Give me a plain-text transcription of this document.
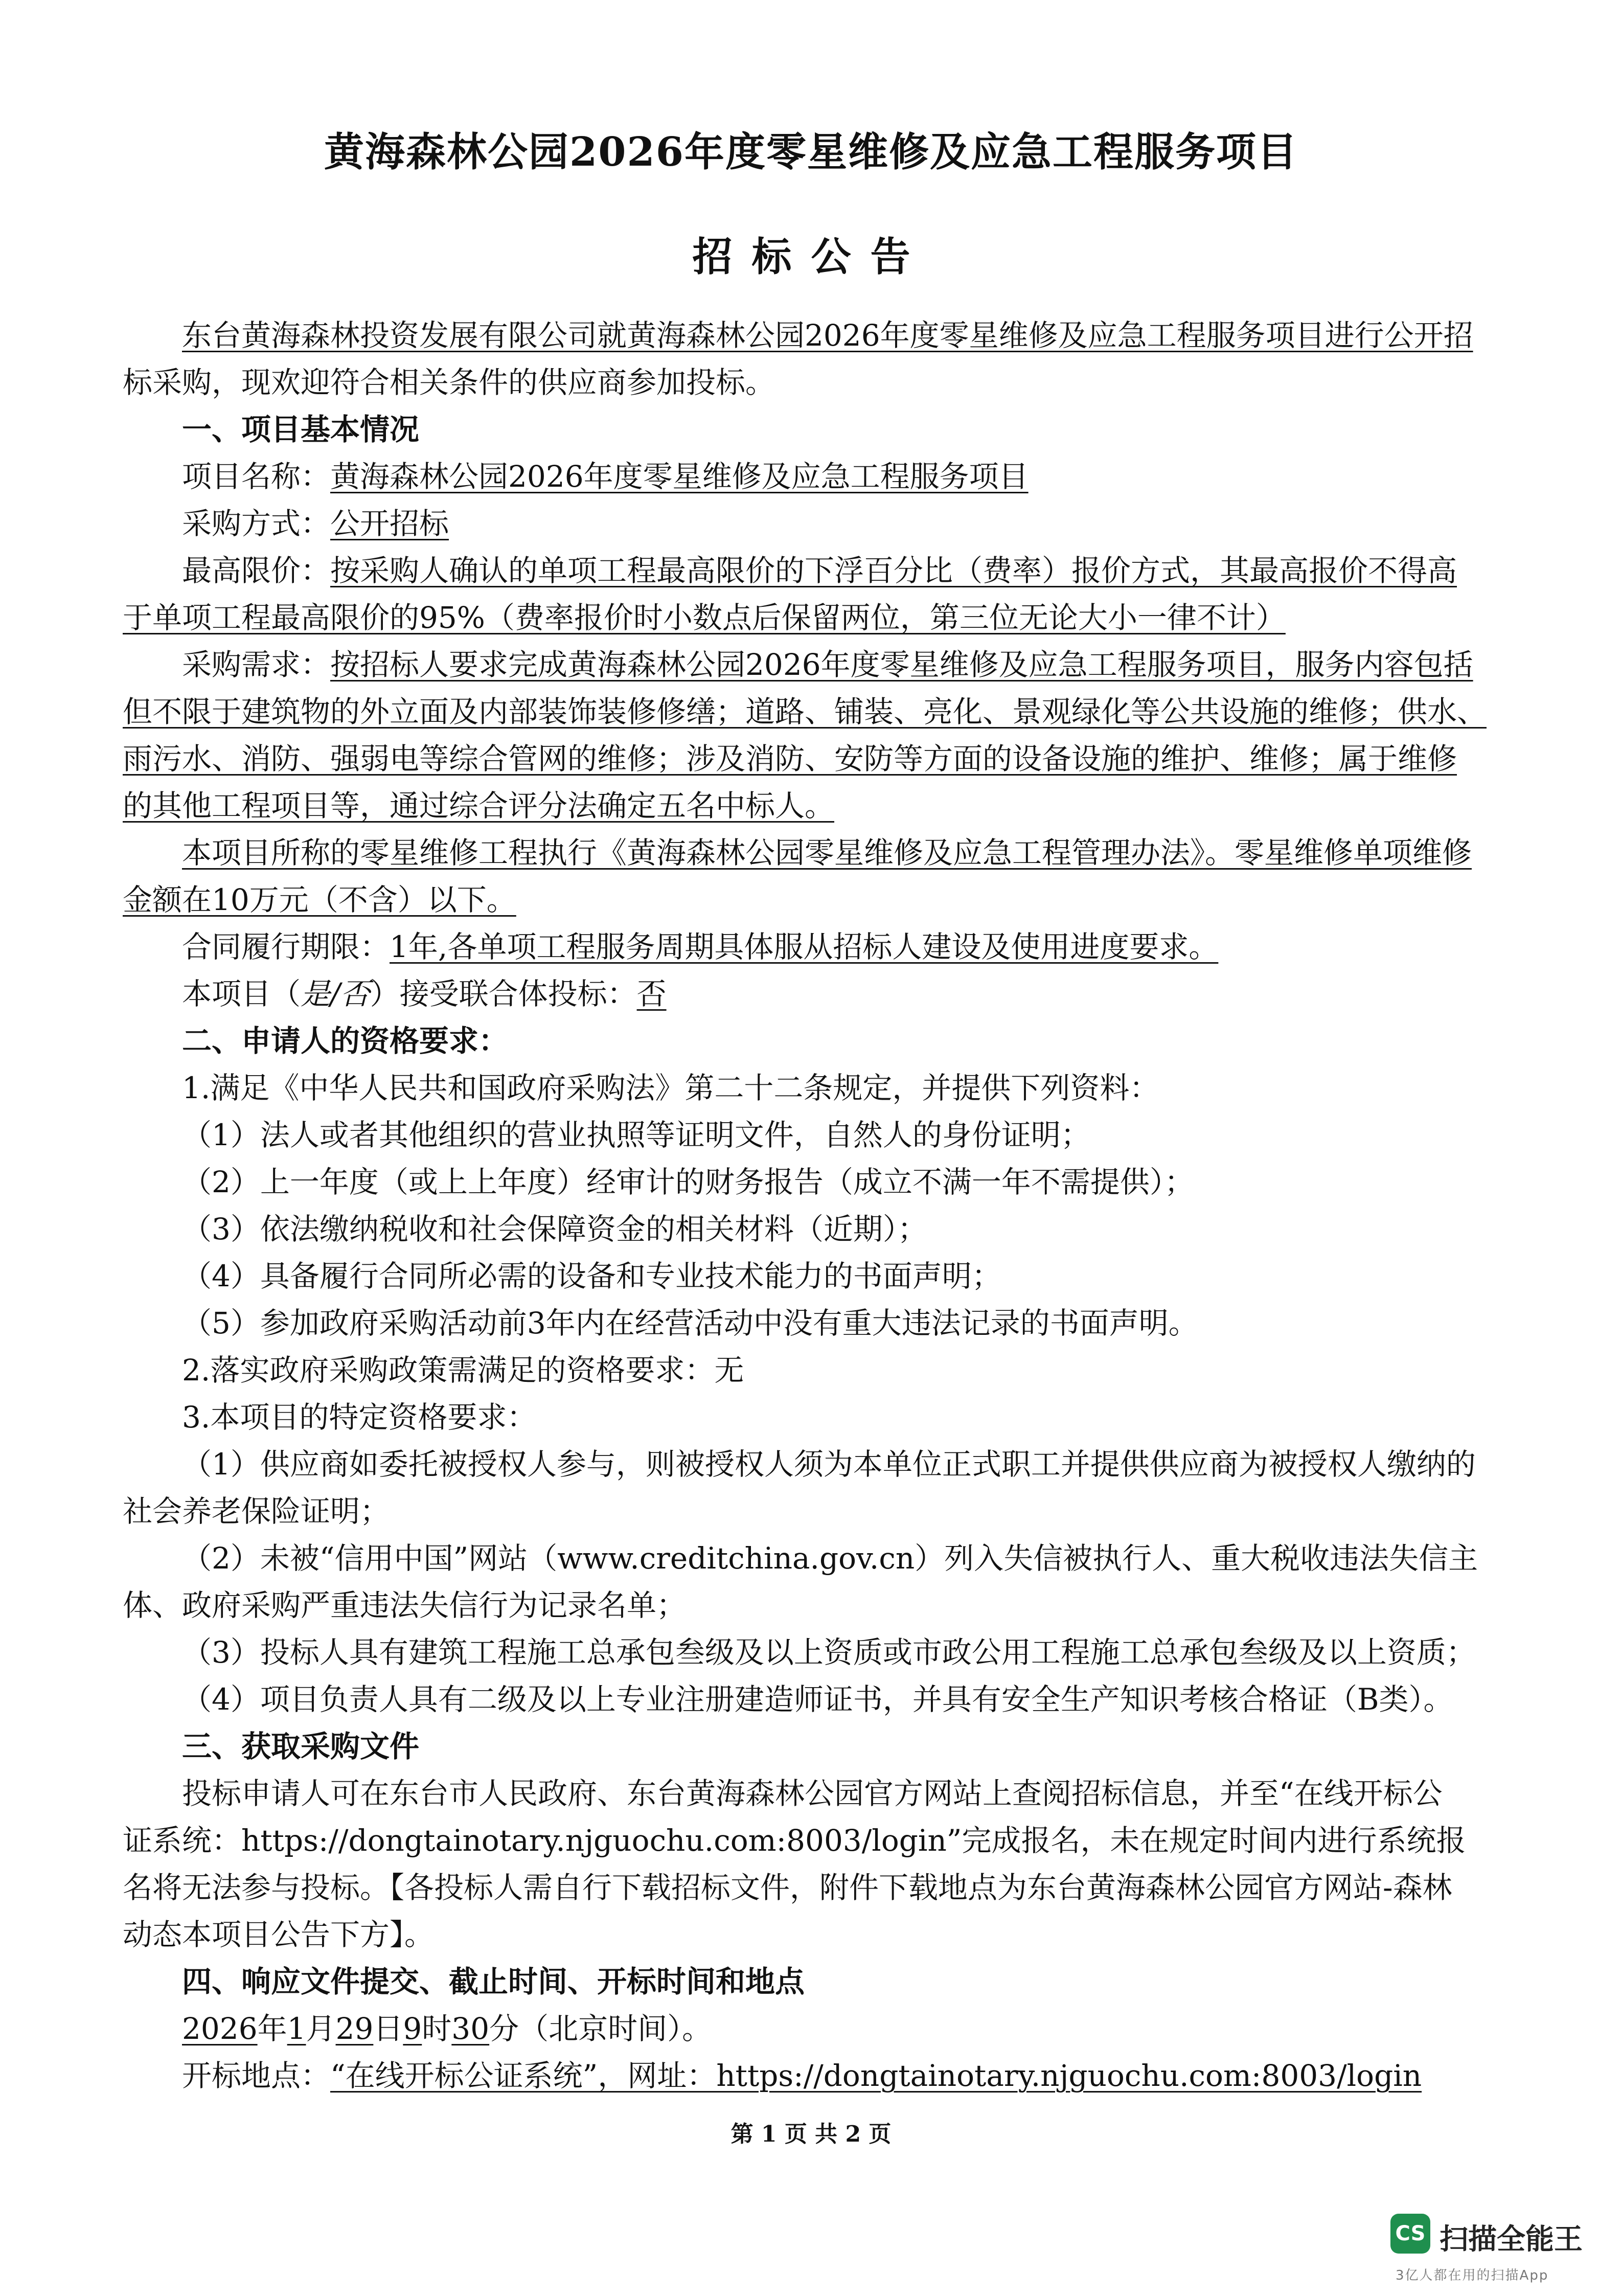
黄海森林公园2026年度零星维修及应急工程服务项目
招标公告
东台黄海森林投资发展有限公司就黄海森林公园2026年度零星维修及应急工程服务项目进行公开招
标采购，现欢迎符合相关条件的供应商参加投标。
一、项目基本情况
项目名称：黄海森林公园2026年度零星维修及应急工程服务项目
采购方式：公开招标
最高限价：按采购人确认的单项工程最高限价的下浮百分比（费率）报价方式，其最高报价不得高
于单项工程最高限价的95%（费率报价时小数点后保留两位，第三位无论大小一律不计）
采购需求：按招标人要求完成黄海森林公园2026年度零星维修及应急工程服务项目，服务内容包括
但不限于建筑物的外立面及内部装饰装修修缮；道路、铺装、亮化、景观绿化等公共设施的维修；供水、
雨污水、消防、强弱电等综合管网的维修；涉及消防、安防等方面的设备设施的维护、维修；属于维修
的其他工程项目等，通过综合评分法确定五名中标人。
本项目所称的零星维修工程执行《黄海森林公园零星维修及应急工程管理办法》。零星维修单项维修
金额在10万元（不含）以下。
合同履行期限：1年,各单项工程服务周期具体服从招标人建设及使用进度要求。
本项目（是/否）接受联合体投标：否
二、申请人的资格要求：
1.满足《中华人民共和国政府采购法》第二十二条规定，并提供下列资料：
（1）法人或者其他组织的营业执照等证明文件，自然人的身份证明；
（2）上一年度（或上上年度）经审计的财务报告（成立不满一年不需提供）；
（3）依法缴纳税收和社会保障资金的相关材料（近期）；
（4）具备履行合同所必需的设备和专业技术能力的书面声明；
（5）参加政府采购活动前3年内在经营活动中没有重大违法记录的书面声明。
2.落实政府采购政策需满足的资格要求：无
3.本项目的特定资格要求：
（1）供应商如委托被授权人参与，则被授权人须为本单位正式职工并提供供应商为被授权人缴纳的
社会养老保险证明；
（2）未被“信用中国”网站（www.creditchina.gov.cn）列入失信被执行人、重大税收违法失信主
体、政府采购严重违法失信行为记录名单；
（3）投标人具有建筑工程施工总承包叁级及以上资质或市政公用工程施工总承包叁级及以上资质；
（4）项目负责人具有二级及以上专业注册建造师证书，并具有安全生产知识考核合格证（B类）。
三、获取采购文件
投标申请人可在东台市人民政府、东台黄海森林公园官方网站上查阅招标信息，并至“在线开标公
证系统：https://dongtainotary.njguochu.com:8003/login”完成报名，未在规定时间内进行系统报
名将无法参与投标。【各投标人需自行下载招标文件，附件下载地点为东台黄海森林公园官方网站-森林
动态本项目公告下方】。
四、响应文件提交、截止时间、开标时间和地点
2026年1月29日9时30分（北京时间）。
开标地点：“在线开标公证系统”，网址：https://dongtainotary.njguochu.com:8003/login
第 1 页 共 2 页
CS 扫描全能王
3亿人都在用的扫描App
